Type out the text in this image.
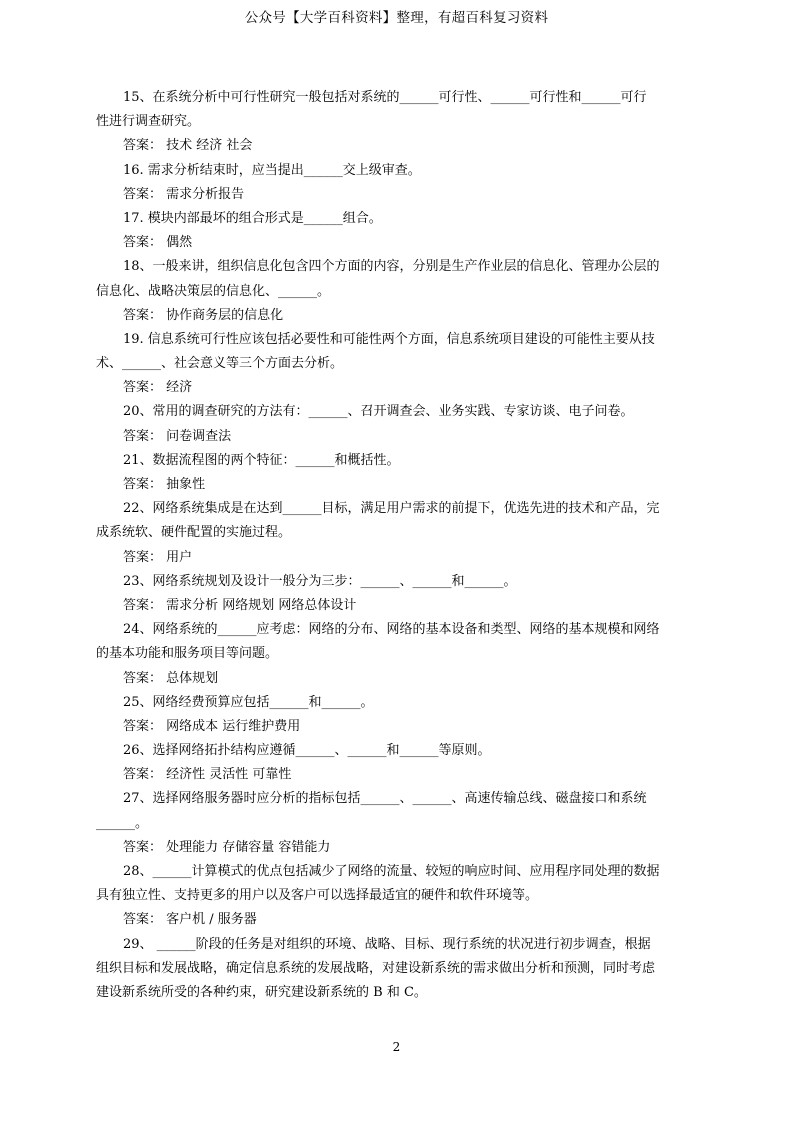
公众号【大学百科资料】整理，有超百科复习资料
15、在系统分析中可行性研究一般包括对系统的______可行性、______可行性和______可行
性进行调查研究。
答案： 技术 经济 社会
16. 需求分析结束时，应当提出______交上级审查。
答案： 需求分析报告
17. 模块内部最坏的组合形式是______组合。
答案： 偶然
18、一般来讲，组织信息化包含四个方面的内容，分别是生产作业层的信息化、管理办公层的
信息化、战略决策层的信息化、______。
答案： 协作商务层的信息化
19. 信息系统可行性应该包括必要性和可能性两个方面，信息系统项目建设的可能性主要从技
术、______、社会意义等三个方面去分析。
答案： 经济
20、常用的调查研究的方法有：______、召开调查会、业务实践、专家访谈、电子问卷。
答案： 问卷调查法
21、数据流程图的两个特征：______和概括性。
答案： 抽象性
22、网络系统集成是在达到______目标，满足用户需求的前提下，优选先进的技术和产品，完
成系统软、硬件配置的实施过程。
答案： 用户
23、网络系统规划及设计一般分为三步：______、______和______。
答案： 需求分析 网络规划 网络总体设计
24、网络系统的______应考虑：网络的分布、网络的基本设备和类型、网络的基本规模和网络
的基本功能和服务项目等问题。
答案： 总体规划
25、网络经费预算应包括______和______。
答案： 网络成本 运行维护费用
26、选择网络拓扑结构应遵循______、______和______等原则。
答案： 经济性 灵活性 可靠性
27、选择网络服务器时应分析的指标包括______、______、高速传输总线、磁盘接口和系统
______。
答案： 处理能力 存储容量 容错能力
28、______计算模式的优点包括减少了网络的流量、较短的响应时间、应用程序同处理的数据
具有独立性、支持更多的用户以及客户可以选择最适宜的硬件和软件环境等。
答案： 客户机 / 服务器
29、 ______阶段的任务是对组织的环境、战略、目标、现行系统的状况进行初步调查，根据
组织目标和发展战略，确定信息系统的发展战略，对建设新系统的需求做出分析和预测，同时考虑
建设新系统所受的各种约束，研究建设新系统的 B 和 C。
2
